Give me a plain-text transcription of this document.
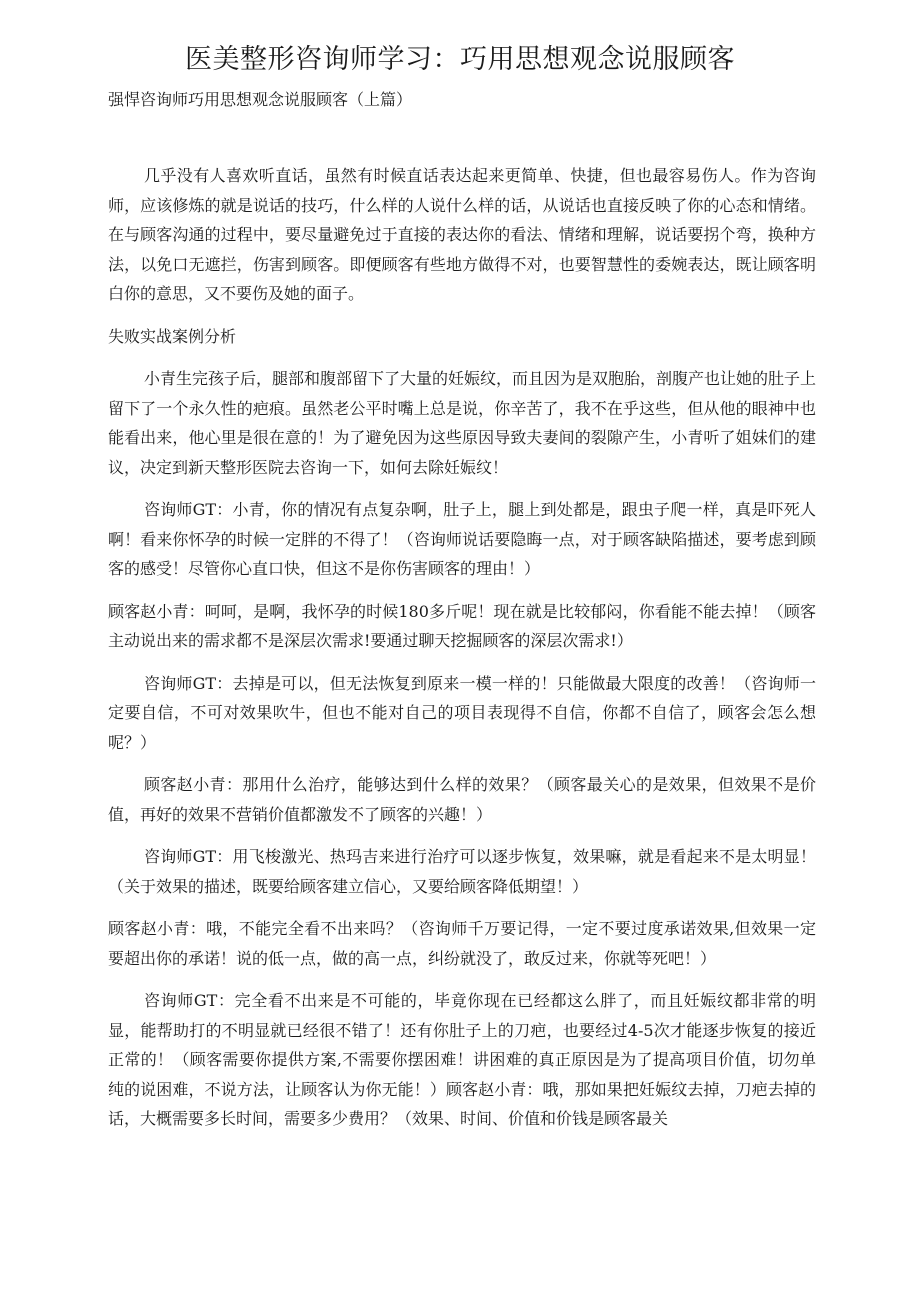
医美整形咨询师学习：巧用思想观念说服顾客

强悍咨询师巧用思想观念说服顾客（上篇）

几乎没有人喜欢听直话，虽然有时候直话表达起来更简单、快捷，但也最容易伤人。作为咨询师，应该修炼的就是说话的技巧，什么样的人说什么样的话，从说话也直接反映了你的心态和情绪。在与顾客沟通的过程中，要尽量避免过于直接的表达你的看法、情绪和理解，说话要拐个弯，换种方法，以免口无遮拦，伤害到顾客。即便顾客有些地方做得不对，也要智慧性的委婉表达，既让顾客明白你的意思，又不要伤及她的面子。

失败实战案例分析

小青生完孩子后，腿部和腹部留下了大量的妊娠纹，而且因为是双胞胎，剖腹产也让她的肚子上留下了一个永久性的疤痕。虽然老公平时嘴上总是说，你辛苦了，我不在乎这些，但从他的眼神中也能看出来，他心里是很在意的！为了避免因为这些原因导致夫妻间的裂隙产生，小青听了姐妹们的建议，决定到新天整形医院去咨询一下，如何去除妊娠纹！

咨询师GT：小青，你的情况有点复杂啊，肚子上，腿上到处都是，跟虫子爬一样，真是吓死人啊！看来你怀孕的时候一定胖的不得了！（咨询师说话要隐晦一点，对于顾客缺陷描述，要考虑到顾客的感受！尽管你心直口快，但这不是你伤害顾客的理由！）

顾客赵小青：呵呵，是啊，我怀孕的时候180多斤呢！现在就是比较郁闷，你看能不能去掉！（顾客主动说出来的需求都不是深层次需求!要通过聊天挖掘顾客的深层次需求!）

咨询师GT：去掉是可以，但无法恢复到原来一模一样的！只能做最大限度的改善！（咨询师一定要自信，不可对效果吹牛，但也不能对自己的项目表现得不自信，你都不自信了，顾客会怎么想呢？）

顾客赵小青：那用什么治疗，能够达到什么样的效果？（顾客最关心的是效果，但效果不是价值，再好的效果不营销价值都激发不了顾客的兴趣！）

咨询师GT：用飞梭激光、热玛吉来进行治疗可以逐步恢复，效果嘛，就是看起来不是太明显！（关于效果的描述，既要给顾客建立信心，又要给顾客降低期望！）

顾客赵小青：哦，不能完全看不出来吗？（咨询师千万要记得，一定不要过度承诺效果,但效果一定要超出你的承诺！说的低一点，做的高一点，纠纷就没了，敢反过来，你就等死吧！）

咨询师GT：完全看不出来是不可能的，毕竟你现在已经都这么胖了，而且妊娠纹都非常的明显，能帮助打的不明显就已经很不错了！还有你肚子上的刀疤，也要经过4-5次才能逐步恢复的接近正常的！（顾客需要你提供方案,不需要你摆困难！讲困难的真正原因是为了提高项目价值，切勿单纯的说困难，不说方法，让顾客认为你无能！）顾客赵小青：哦，那如果把妊娠纹去掉，刀疤去掉的话，大概需要多长时间，需要多少费用？（效果、时间、价值和价钱是顾客最关
